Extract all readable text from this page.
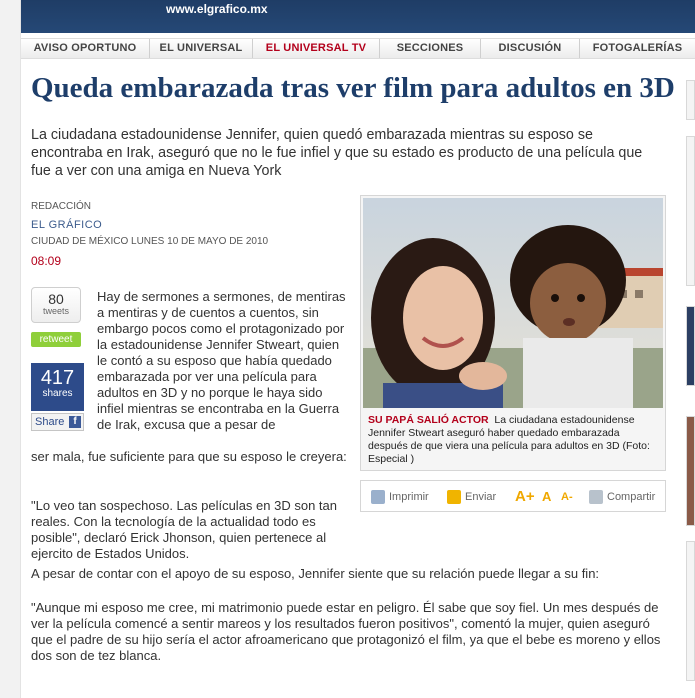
www.elgrafico.mx
AVISO OPORTUNO	EL UNIVERSAL	EL UNIVERSAL TV	SECCIONES	DISCUSIÓN	FOTOGALERÍAS
Queda embarazada tras ver film para adultos en 3D

La ciudadana estadounidense Jennifer, quien quedó embarazada mientras su esposo se encontraba en Irak, aseguró que no le fue infiel y que su estado es producto de una película que fue a ver con una amiga en Nueva York

REDACCIÓN
EL GRÁFICO
CIUDAD DE MÉXICO LUNES 10 DE MAYO DE 2010
08:09
80
tweets
retweet
417
shares
Share f

Hay de sermones a sermones, de mentiras a mentiras y de cuentos a cuentos, sin embargo pocos como el protagonizado por la estadounidense Jennifer Stweart, quien le contó a su esposo que había quedado embarazada por ver una película para adultos en 3D y no porque le haya sido infiel mientras se encontraba en la Guerra de Irak, excusa que a pesar de

ser mala, fue suficiente para que su esposo le creyera:

"Lo veo tan sospechoso. Las películas en 3D son tan reales. Con la tecnología de la actualidad todo es posible", declaró Erick Jhonson, quien pertenece al ejercito de Estados Unidos.

A pesar de contar con el apoyo de su esposo, Jennifer siente que su relación puede llegar a su fin:

"Aunque mi esposo me cree, mi matrimonio puede estar en peligro. Él sabe que soy fiel. Un mes después de ver la película comencé a sentir mareos y los resultados fueron positivos", comentó la mujer, quien aseguró que el padre de su hijo sería el actor afroamericano que protagonizó el film, ya que el bebe es moreno y ellos dos son de tez blanca.

SU PAPÁ SALIÓ ACTOR La ciudadana estadounidense Jennifer Stweart aseguró haber quedado embarazada después de que viera una película para adultos en 3D (Foto: Especial )

Imprimir	Enviar A+ A A-	Compartir
